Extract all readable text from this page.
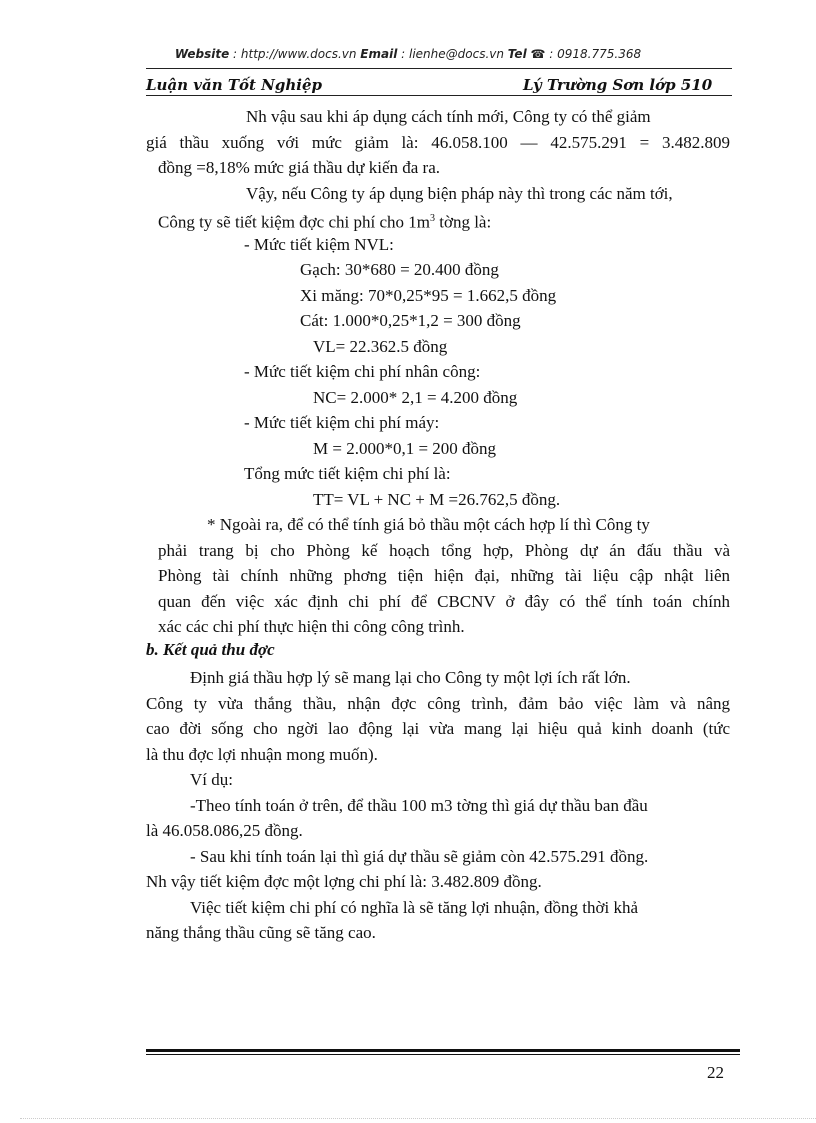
Website : http://www.docs.vn Email : lienhe@docs.vn Tel ☎ : 0918.775.368
Luận văn Tốt Nghiệp	Lý Trường Sơn lớp 510
Nh vậu sau khi áp dụng cách tính mới, Công ty có thể giảm
giá thầu xuống với mức giảm là: 46.058.100 — 42.575.291 = 3.482.809
đồng =8,18% mức giá thầu dự kiến đa ra.
Vậy, nếu Công ty áp dụng biện pháp này thì trong các năm tới,
Công ty sẽ tiết kiệm đợc chi phí cho $1m^3$ tờng là:
- Mức tiết kiệm NVL:
Gạch: 30*680 = 20.400 đồng
Xi măng: 70*0,25*95 = 1.662,5 đồng
Cát: 1.000*0,25*1,2 = 300 đồng
VL= 22.362.5 đồng
- Mức tiết kiệm chi phí nhân công:
NC= 2.000* 2,1 = 4.200 đồng
- Mức tiết kiệm chi phí máy:
M = 2.000*0,1 = 200 đồng
Tổng mức tiết kiệm chi phí là:
TT= VL + NC + M =26.762,5 đồng.
* Ngoài ra, để có thể tính giá bỏ thầu một cách hợp lí thì Công ty
phải trang bị cho Phòng kế hoạch tổng hợp, Phòng dự án đấu thầu và
Phòng tài chính những phơng tiện hiện đại, những tài liệu cập nhật liên
quan đến việc xác định chi phí để CBCNV ở đây có thể tính toán chính
xác các chi phí thực hiện thi công công trình.
b. Kết quả thu đợc
Định giá thầu hợp lý sẽ mang lại cho Công ty một lợi ích rất lớn.
Công ty vừa thắng thầu, nhận đợc công trình, đảm bảo việc làm và nâng
cao đời sống cho ngời lao động lại vừa mang lại hiệu quả kinh doanh (tức
là thu đợc lợi nhuận mong muốn).
Ví dụ:
-Theo tính toán ở trên, để thầu 100 m3 tờng thì giá dự thầu ban đầu
là 46.058.086,25 đồng.
- Sau khi tính toán lại thì giá dự thầu sẽ giảm còn 42.575.291 đồng.
Nh vậy tiết kiệm đợc một lợng chi phí là: 3.482.809 đồng.
Việc tiết kiệm chi phí có nghĩa là sẽ tăng lợi nhuận, đồng thời khả
năng thắng thầu cũng sẽ tăng cao.
22
